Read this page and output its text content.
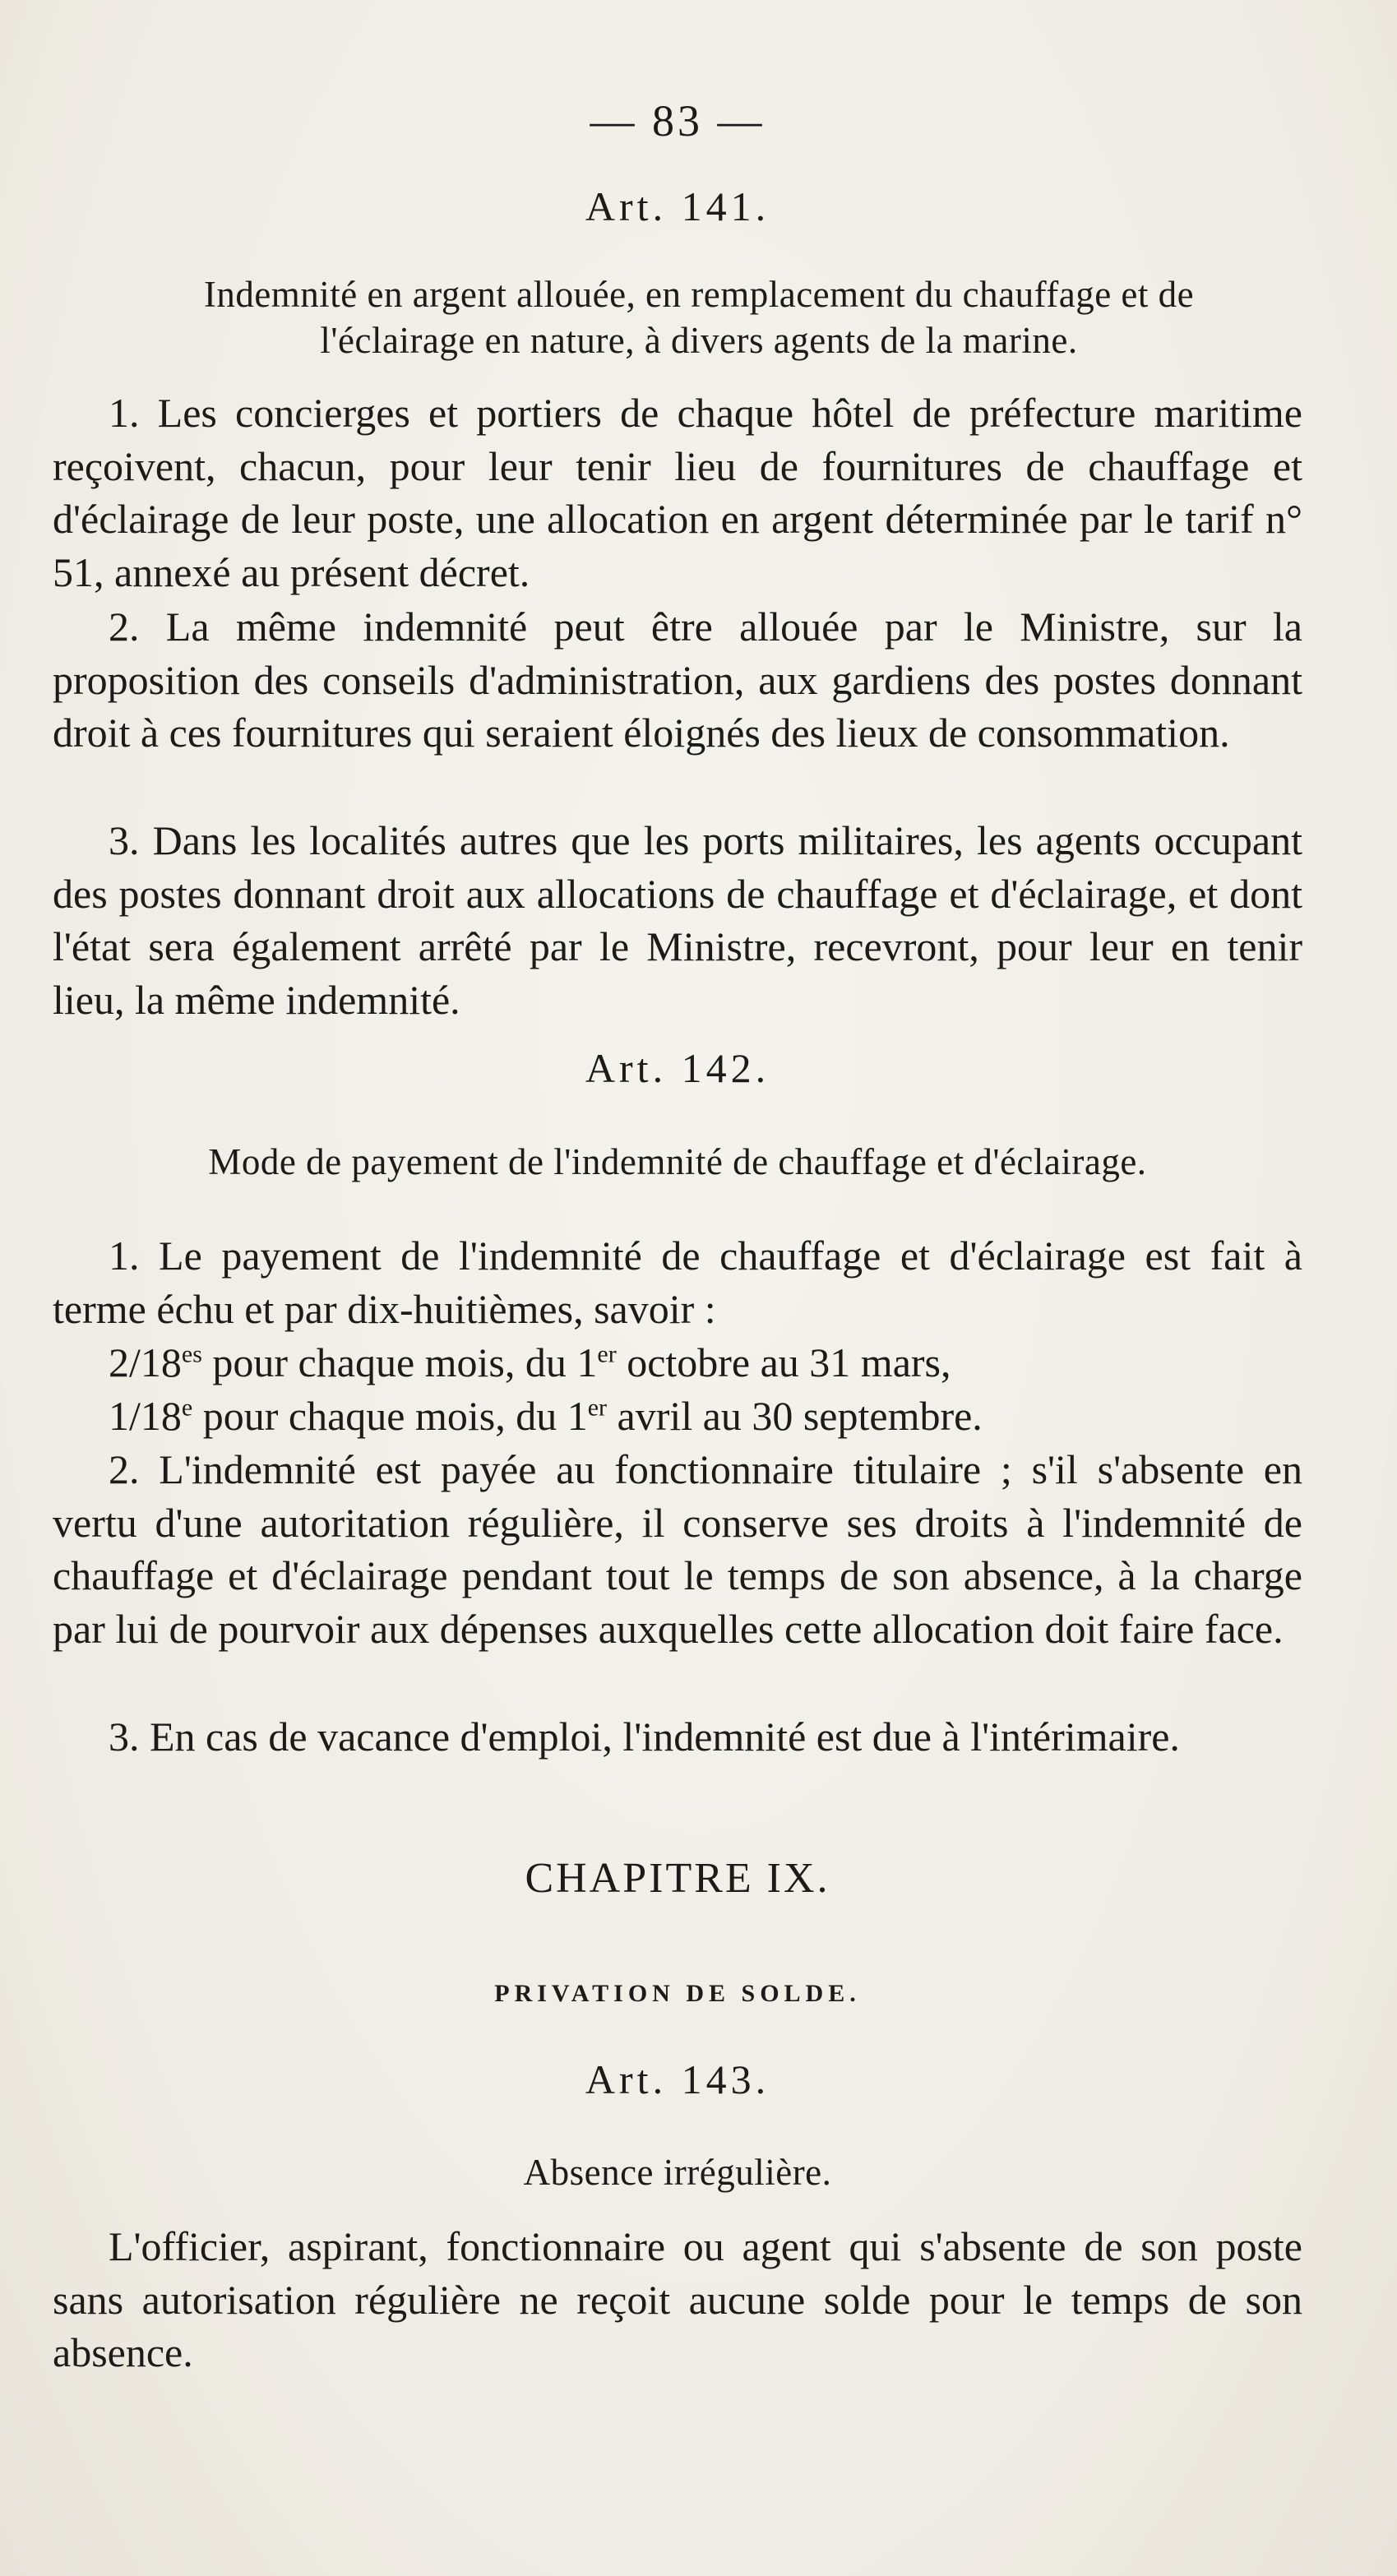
— 83 —
Art. 141.
Indemnité en argent allouée, en remplacement du chauffage et de l'éclairage en nature, à divers agents de la marine.
1. Les concierges et portiers de chaque hôtel de préfecture maritime reçoivent, chacun, pour leur tenir lieu de fournitures de chauffage et d'éclairage de leur poste, une allocation en argent déterminée par le tarif n° 51, annexé au présent décret.
2. La même indemnité peut être allouée par le Ministre, sur la proposition des conseils d'administration, aux gardiens des postes donnant droit à ces fournitures qui seraient éloignés des lieux de consommation.
3. Dans les localités autres que les ports militaires, les agents occupant des postes donnant droit aux allocations de chauffage et d'éclairage, et dont l'état sera également arrêté par le Ministre, recevront, pour leur en tenir lieu, la même indemnité.
Art. 142.
Mode de payement de l'indemnité de chauffage et d'éclairage.
1. Le payement de l'indemnité de chauffage et d'éclairage est fait à terme échu et par dix-huitièmes, savoir :
$2/18^{es}$ pour chaque mois, du 1er octobre au 31 mars,
1/18e pour chaque mois, du 1er avril au 30 septembre.
2. L'indemnité est payée au fonctionnaire titulaire ; s'il s'absente en vertu d'une autoritation régulière, il conserve ses droits à l'indemnité de chauffage et d'éclairage pendant tout le temps de son absence, à la charge par lui de pourvoir aux dépenses auxquelles cette allocation doit faire face.
3. En cas de vacance d'emploi, l'indemnité est due à l'intérimaire.
CHAPITRE IX.
PRIVATION DE SOLDE.
Art. 143.
Absence irrégulière.
L'officier, aspirant, fonctionnaire ou agent qui s'absente de son poste sans autorisation régulière ne reçoit aucune solde pour le temps de son absence.
